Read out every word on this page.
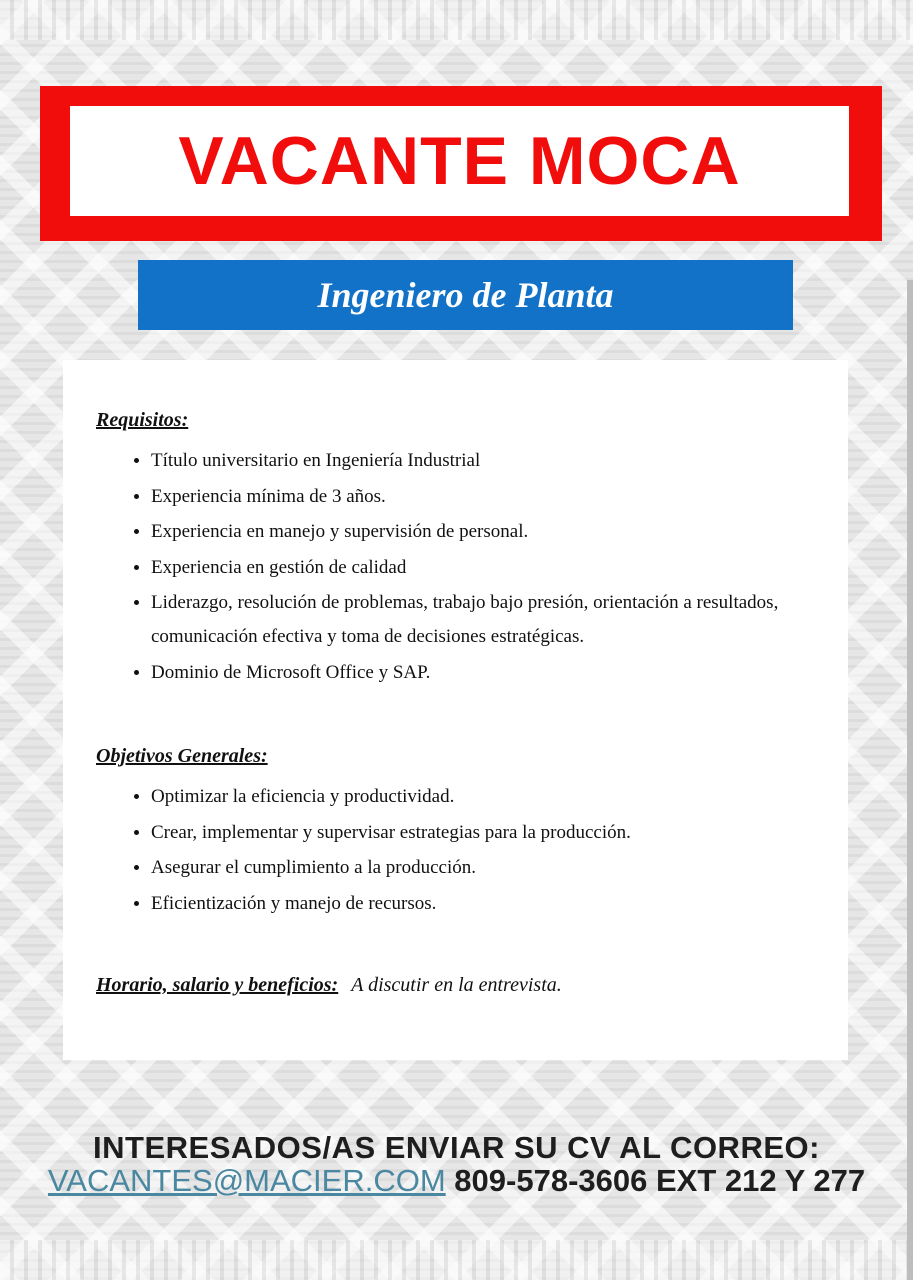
VACANTE MOCA
Ingeniero de Planta
Requisitos:
• Título universitario en Ingeniería Industrial
• Experiencia mínima de 3 años.
• Experiencia en manejo y supervisión de personal.
• Experiencia en gestión de calidad
• Liderazgo, resolución de problemas, trabajo bajo presión, orientación a resultados, comunicación efectiva y toma de decisiones estratégicas.
• Dominio de Microsoft Office y SAP.
Objetivos Generales:
• Optimizar la eficiencia y productividad.
• Crear, implementar y supervisar estrategias para la producción.
• Asegurar el cumplimiento a la producción.
• Eficientización y manejo de recursos.
Horario, salario y beneficios: A discutir en la entrevista.
INTERESADOS/AS ENVIAR SU CV AL CORREO:
VACANTES@MACIER.COM 809-578-3606 EXT 212 Y 277
